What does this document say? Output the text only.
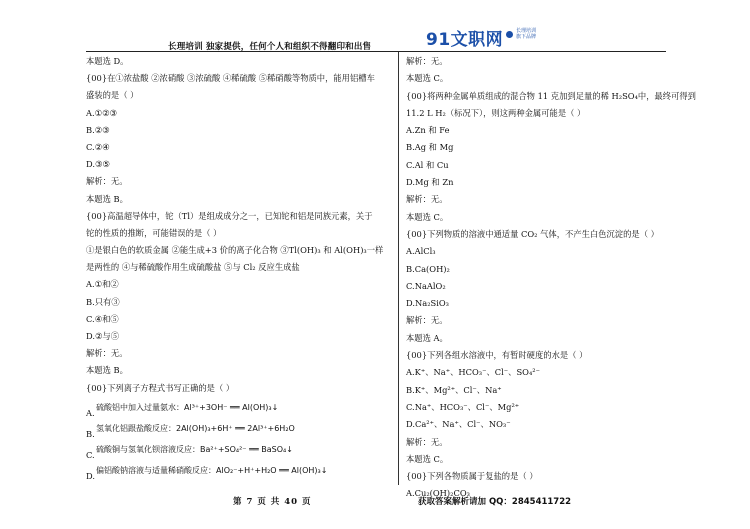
长理培训 独家提供，任何个人和组织不得翻印和出售	91文职网	长理培训
旗下品牌
本题选 D。
{00}在①浓盐酸 ②浓硝酸 ③浓硫酸 ④稀硫酸 ⑤稀硝酸等物质中，能用铝槽车
盛装的是（ ）
A.①②③
B.②③
C.②④
D.③⑤
解析：无。
本题选 B。
{00}高温超导体中，铊（Tl）是组成成分之一，已知铊和铝是同族元素，关于
铊的性质的推断，可能错误的是（ ）
①是银白色的软质金属 ②能生成+3 价的离子化合物 ③Tl(OH)₃ 和 Al(OH)₃一样
是两性的 ④与稀硫酸作用生成硫酸盐 ⑤与 Cl₂ 反应生成盐
A.①和②
B.只有③
C.④和⑤
D.②与⑤
解析：无。
本题选 B。
{00}下列离子方程式书写正确的是（ ）
A.
硫酸铝中加入过量氨水：Al³⁺+3OH⁻ ══ Al(OH)₃↓
B.
氢氧化铝跟盐酸反应：2Al(OH)₃+6H⁺ ══ 2Al³⁺+6H₂O
C.
硫酸铜与氢氧化钡溶液反应：Ba²⁺+SO₄²⁻ ══ BaSO₄↓
D.
偏铝酸钠溶液与适量稀硝酸反应：AlO₂⁻+H⁺+H₂O ══ Al(OH)₃↓
解析：无。
本题选 C。
{00}将两种金属单质组成的混合物 11 克加到足量的稀 H₂SO₄中，最终可得到
11.2 L H₂（标况下），则这两种金属可能是（ ）
A.Zn 和 Fe
B.Ag 和 Mg
C.Al 和 Cu
D.Mg 和 Zn
解析：无。
本题选 C。
{00}下列物质的溶液中通适量 CO₂ 气体，不产生白色沉淀的是（ ）
A.AlCl₃
B.Ca(OH)₂
C.NaAlO₂
D.Na₂SiO₃
解析：无。
本题选 A。
{00}下列各组水溶液中，有暂时硬度的水是（ ）
A.K⁺、Na⁺、HCO₃⁻、Cl⁻、SO₄²⁻
B.K⁺、Mg²⁺、Cl⁻、Na⁺
C.Na⁺、HCO₃⁻、Cl⁻、Mg²⁺
D.Ca²⁺、Na⁺、Cl⁻、NO₃⁻
解析：无。
本题选 C。
{00}下列各物质属于复盐的是（ ）
A.Cu₂(OH)₂CO₃
第 7 页 共 40 页	获取答案解析请加 QQ：2845411722
